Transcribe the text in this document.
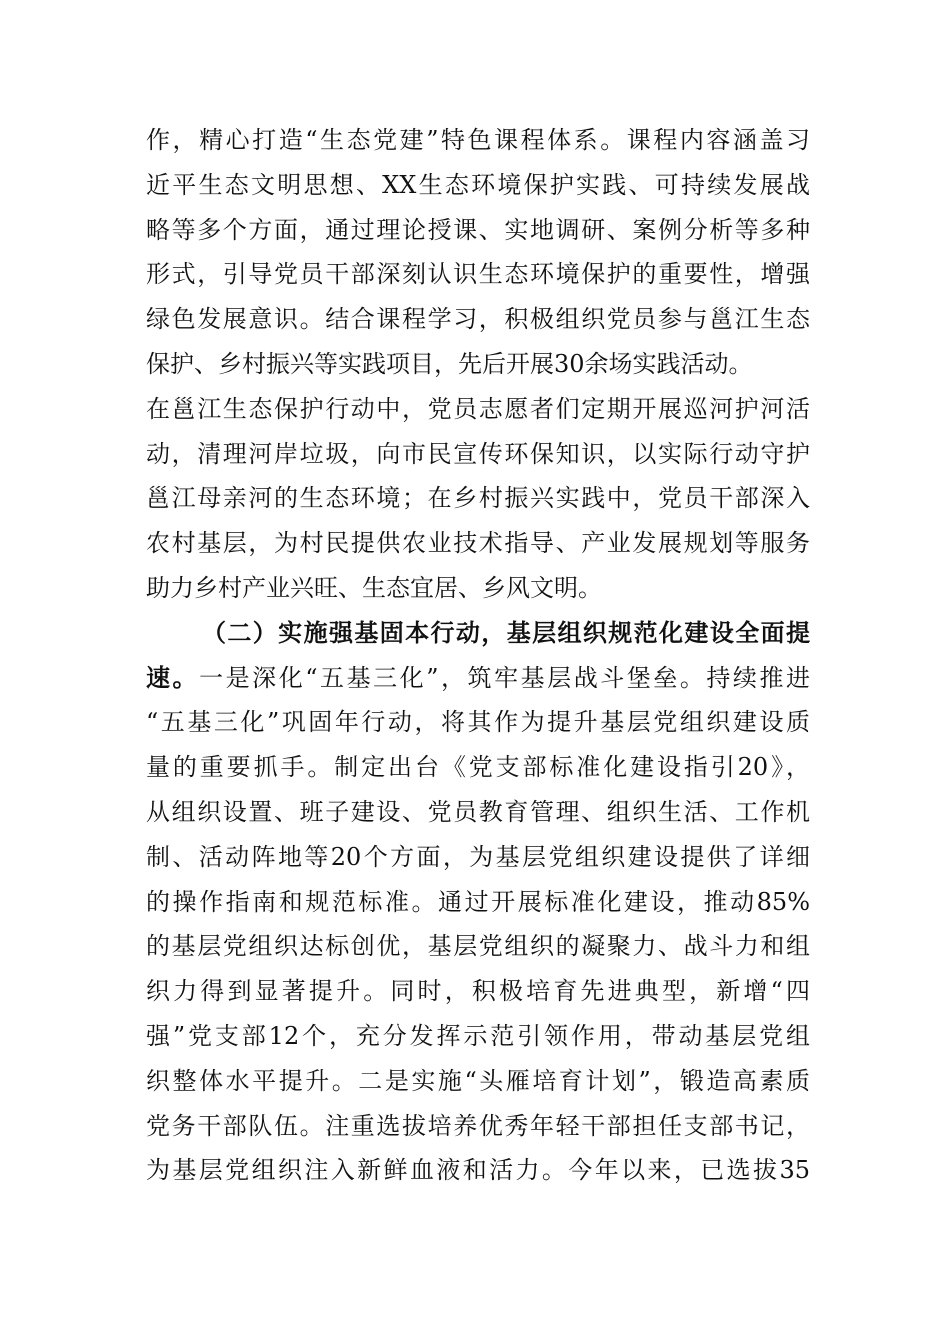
作，精心打造“生态党建”特色课程体系。课程内容涵盖习
近平生态文明思想、XX生态环境保护实践、可持续发展战
略等多个方面，通过理论授课、实地调研、案例分析等多种
形式，引导党员干部深刻认识生态环境保护的重要性，增强
绿色发展意识。结合课程学习，积极组织党员参与邕江生态
保护、乡村振兴等实践项目，先后开展30余场实践活动。
在邕江生态保护行动中，党员志愿者们定期开展巡河护河活
动，清理河岸垃圾，向市民宣传环保知识，以实际行动守护
邕江母亲河的生态环境；在乡村振兴实践中，党员干部深入
农村基层，为村民提供农业技术指导、产业发展规划等服务
助力乡村产业兴旺、生态宜居、乡风文明。
（二）实施强基固本行动，基层组织规范化建设全面提
速。一是深化“五基三化”，筑牢基层战斗堡垒。持续推进
“五基三化”巩固年行动，将其作为提升基层党组织建设质
量的重要抓手。制定出台《党支部标准化建设指引20》，
从组织设置、班子建设、党员教育管理、组织生活、工作机
制、活动阵地等20个方面，为基层党组织建设提供了详细
的操作指南和规范标准。通过开展标准化建设，推动85%
的基层党组织达标创优，基层党组织的凝聚力、战斗力和组
织力得到显著提升。同时，积极培育先进典型，新增“四
强”党支部12个，充分发挥示范引领作用，带动基层党组
织整体水平提升。二是实施“头雁培育计划”，锻造高素质
党务干部队伍。注重选拔培养优秀年轻干部担任支部书记，
为基层党组织注入新鲜血液和活力。今年以来，已选拔35
